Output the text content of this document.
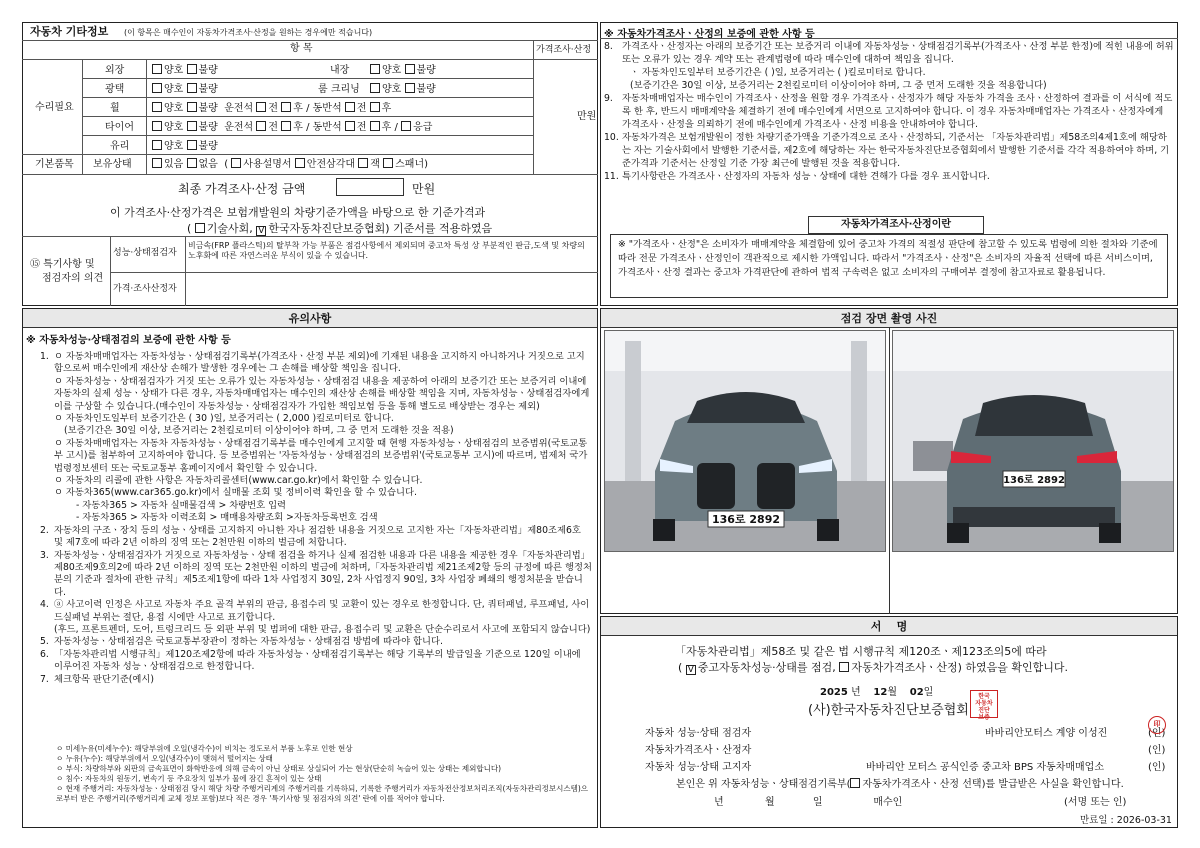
자동차 기타정보 (이 항목은 매수인이 자동차가격조사·산정을 원하는 경우에만 적습니다)
항 목	가격조사·산정
수리필요
만원
외장	양호 불량	내장	양호 불량
광택	양호 불량	룸 크리닝	양호 불량
휠	양호 불량 운전석 전 후 / 동반석 전 후
타이어	양호 불량 운전석 전 후 / 동반석 전 후 / 응급
유리	양호 불량
기본품목 보유상태	있음 없음  ( 사용설명서 안전삼각대 잭 스패너)
최종 가격조사·산정 금액	만원
이 가격조사·산정가격은 보험개발원의 차량기준가액을 바탕으로 한 기준가격과
( 기술사회, V 한국자동차진단보증협회) 기준서를 적용하였음
⑮ 특기사항 및
점검자의 의견
성능·상태점검자
비금속(FRP 플라스틱)의 탈부착 가능 부품은 점검사항에서 제외되며 중고차 특성 상 부분적인 판금,도색 및 차량의 노후화에 따른 자연스러운 부식이 있을 수 있습니다.
가격·조사산정자
※ 자동차가격조사ㆍ산정의 보증에 관한 사항 등
8. 가격조사ㆍ산정자는 아래의 보증기간 또는 보증거리 이내에 자동차성능ㆍ상태점검기록부(가격조사ㆍ산정 부분 한정)에 적힌 내용에 허위 또는 오류가 있는 경우 계약 또는 관계법령에 따라 매수인에 대하여 책임을 집니다.
ㆍ 자동차인도일부터 보증기간은 ( )일, 보증거리는 ( )킬로미터로 합니다.
(보증기간은 30일 이상, 보증거리는 2천킬로미터 이상이어야 하며, 그 중 먼저 도래한 것을 적용합니다)
9. 자동차매매업자는 매수인이 가격조사ㆍ산정을 원할 경우 가격조사ㆍ산정자가 해당 자동차 가격을 조사ㆍ산정하여 결과를 이 서식에 적도록 한 후, 반드시 매매계약을 체결하기 전에 매수인에게 서면으로 고지하여야 합니다. 이 경우 자동차매매업자는 가격조사ㆍ산정자에게 가격조사ㆍ산정을 의뢰하기 전에 매수인에게 가격조사ㆍ산정 비용을 안내하여야 합니다.
10. 자동차가격은 보험개발원이 정한 차량기준가액을 기준가격으로 조사ㆍ산정하되, 기준서는 「자동차관리법」제58조의4제1호에 해당하는 자는 기술사회에서 발행한 기준서를, 제2호에 해당하는 자는 한국자동차진단보증협회에서 발행한 기준서를 각각 적용하여야 하며, 기준가격과 기준서는 산정일 기준 가장 최근에 발행된 것을 적용합니다.
11. 특기사항란은 가격조사ㆍ산정자의 자동차 성능ㆍ상태에 대한 견해가 다를 경우 표시합니다.
자동차가격조사·산정이란
※ "가격조사ㆍ산정"은 소비자가 매매계약을 체결함에 있어 중고차 가격의 적절성 판단에 참고할 수 있도록 법령에 의한 절차와 기준에 따라 전문 가격조사ㆍ산정인이 객관적으로 제시한 가액입니다. 따라서 "가격조사ㆍ산정"은 소비자의 자율적 선택에 따른 서비스이며, 가격조사ㆍ산정 결과는 중고차 가격판단에 관하여 법적 구속력은 없고 소비자의 구매여부 결정에 참고자료로 활용됩니다.
유의사항
※ 자동차성능·상태점검의 보증에 관한 사항 등
1. ㅇ 자동차매매업자는 자동차성능ㆍ상태점검기록부(가격조사ㆍ산정 부분 제외)에 기재된 내용을 고지하지 아니하거나 거짓으로 고지함으로써 매수인에게 재산상 손해가 발생한 경우에는 그 손해를 배상할 책임을 집니다.
ㅇ 자동차성능ㆍ상태점검자가 거짓 또는 오류가 있는 자동차성능ㆍ상태점검 내용을 제공하여 아래의 보증기간 또는 보증거리 이내에 자동차의 실제 성능ㆍ상태가 다른 경우, 자동차매매업자는 매수인의 재산상 손해를 배상할 책임을 지며, 자동차성능ㆍ상태점검자에게 이를 구상할 수 있습니다.(매수인이 자동차성능ㆍ상태점검자가 가입한 책임보험 등을 통해 별도로 배상받는 경우는 제외)
ㅇ 자동차인도일부터 보증기간은 ( 30 )일, 보증거리는 ( 2,000 )킬로미터로 합니다.
(보증기간은 30일 이상, 보증거리는 2천킬로미터 이상이어야 하며, 그 중 먼저 도래한 것을 적용)
ㅇ 자동차매매업자는 자동차 자동차성능ㆍ상태점검기록부를 매수인에게 고지할 때 현행 자동차성능ㆍ상태점검의 보증범위(국토교통부 고시)를 첨부하여 고지하여야 합니다. 등 보증범위는 '자동차성능ㆍ상태점검의 보증범위'(국토교통부 고시)에 따르며, 법제처 국가법령정보센터 또는 국토교통부 홈페이지에서 확인할 수 있습니다.
ㅇ 자동차의 리콜에 관한 사항은 자동차리콜센터(www.car.go.kr)에서 확인할 수 있습니다.
ㅇ 자동차365(www.car365.go.kr)에서 실매물 조회 및 정비이력 확인을 할 수 있습니다.
- 자동차365 > 자동차 실매물검색 > 차량번호 입력
- 자동차365 > 자동차 이력조회 > 매매용차량조회 >자동차등록번호 검색
2. 자동차의 구조ㆍ장치 등의 성능ㆍ상태를 고지하지 아니한 자나 점검한 내용을 거짓으로 고지한 자는「자동차관리법」제80조제6호 및 제7호에 따라 2년 이하의 징역 또는 2천만원 이하의 벌금에 처합니다.
3. 자동차성능ㆍ상태점검자가 거짓으로 자동차성능ㆍ상태 점검을 하거나 실제 점검한 내용과 다른 내용을 제공한 경우「자동차관리법」제80조제9호의2에 따라 2년 이하의 징역 또는 2천만원 이하의 벌금에 처하며,「자동차관리법 제21조제2항 등의 규정에 따른 행정처분의 기준과 절차에 관한 규칙」제5조제1항에 따라 1차 사업정지 30일, 2차 사업정지 90일, 3차 사업장 폐쇄의 행정처분을 받습니다.
4. ⓐ 사고이력 인정은 사고로 자동차 주요 골격 부위의 판금, 용접수리 및 교환이 있는 경우로 한정합니다. 단, 쿼터패널, 루프패널, 사이드실패널 부위는 절단, 용접 시에만 사고로 표기합니다.
(후드, 프론트펜더, 도어, 트렁크리드 등 외판 부위 및 범퍼에 대한 판금, 용접수리 및 교환은 단순수리로서 사고에 포함되지 않습니다)
5. 자동차성능ㆍ상태점검은 국토교통부장관이 정하는 자동차성능ㆍ상태점검 방법에 따라야 합니다.
6. 「자동차관리법 시행규칙」제120조제2항에 따라 자동차성능ㆍ상태점검기록부는 해당 기록부의 발급일을 기준으로 120일 이내에 이루어진 자동차 성능ㆍ상태점검으로 한정합니다.
7. 체크항목 판단기준(예시)
ㅇ 미세누유(미세누수): 해당부위에 오일(냉각수)이 비치는 정도로서 부품 노후로 인한 현상
ㅇ 누유(누수): 해당부위에서 오일(냉각수)이 맺혀서 떨어지는 상태
ㅇ 부식: 차량하부와 외판의 금속표면이 화학반응에 의해 금속이 아닌 상태로 상실되어 가는 현상(단순히 녹슬어 있는 상태는 제외합니다)
ㅇ 침수: 자동차의 원동기, 변속기 등 주요장치 일부가 물에 잠긴 흔적이 있는 상태
ㅇ 현재 주행거리: 자동차성능ㆍ상태점검 당시 해당 차량 주행거리계의 주행거리를 기록하되, 기록한 주행거리가 자동차전산정보처리조직(자동차관리정보시스템)으로부터 받은 주행거리(주행거리계 교체 정보 포함)보다 적은 경우 '특기사항 및 점검자의 의견' 란에 이를 적어야 합니다.
점검 장면 촬영 사진
136로 2892
136로 2892
서    명
「자동차관리법」제58조 및 같은 법 시행규칙 제120조ㆍ제123조의5에 따라
( V 중고자동차성능·상태를 점검, 자동차가격조사ㆍ산정) 하였음을 확인합니다.
2025 년 12월 02일
(사)한국자동차진단보증협회
한국
자동차
진단
보증
자동차 성능·상태 점검자	바바리안모터스 계양 이성진	(인)
印
자동차가격조사ㆍ산정자	(인)
자동차 성능·상태 고지자	바바리안 모터스 공식인증 중고차 BPS 자동차매매업소	(인)
본인은 위 자동차성능ㆍ상태점검기록부( 자동차가격조사ㆍ산정 선택)를 발급받은 사실을 확인합니다.
년	월	일	매수인	(서명 또는 인)
만료일 : 2026-03-31
